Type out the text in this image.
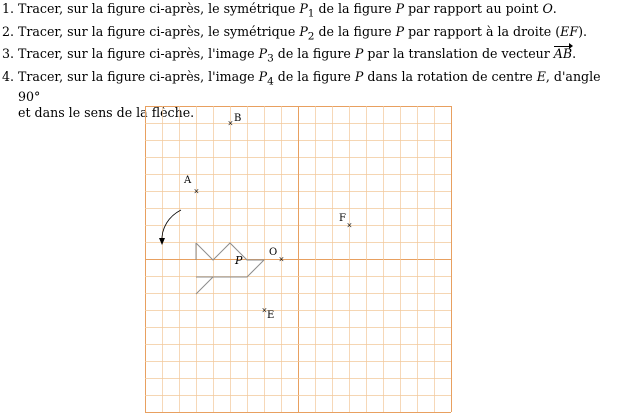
1. Tracer, sur la figure ci-après, le symétrique $P_1$ de la figure P par rapport au point O.
2. Tracer, sur la figure ci-après, le symétrique $P_2$ de la figure P par rapport à la droite (EF).
3. Tracer, sur la figure ci-après, l'image $P_3$ de la figure P par la translation de vecteur AB.
4. Tracer, sur la figure ci-après, l'image $P_4$ de la figure P dans la rotation de centre E, d'angle 90°
et dans le sens de la flèche.
P
× B
×
A
×
F
×
O
× E
